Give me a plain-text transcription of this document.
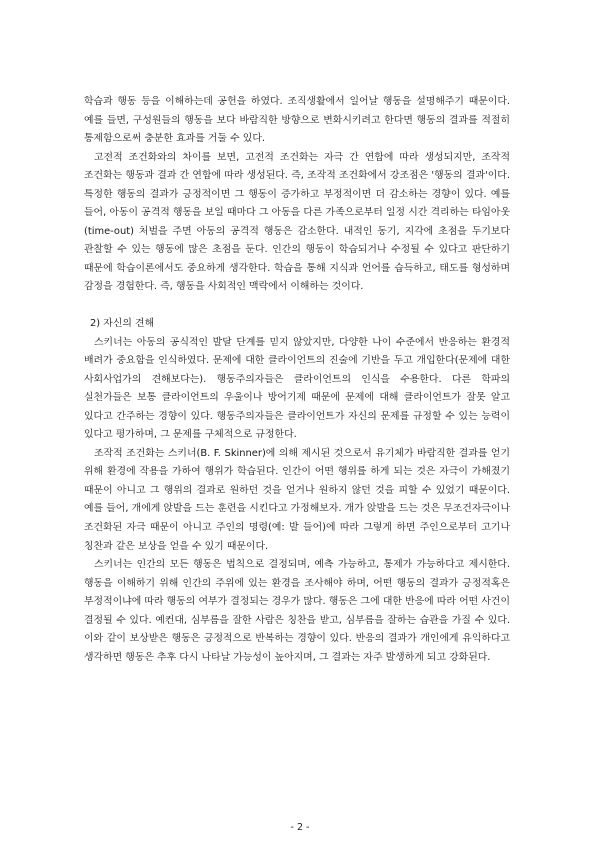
학습과 행동 등을 이해하는데 공헌을 하였다. 조직생활에서 일어날 행동을 설명해주기 때문이다. 예를 들면, 구성원들의 행동을 보다 바람직한 방향으로 변화시키려고 한다면 행동의 결과를 적절히 통제함으로써 충분한 효과를 거둘 수 있다.

고전적 조건화와의 차이를 보면, 고전적 조건화는 자극 간 연합에 따라 생성되지만, 조작적 조건화는 행동과 결과 간 연합에 따라 생성된다. 즉, 조작적 조건화에서 강조점은 '행동의 결과'이다. 특정한 행동의 결과가 긍정적이면 그 행동이 증가하고 부정적이면 더 감소하는 경향이 있다. 예를 들어, 아동이 공격적 행동을 보일 때마다 그 아동을 다른 가족으로부터 일정 시간 격리하는 타임아웃(time-out) 처벌을 주면 아동의 공격적 행동은 감소한다. 내적인 동기, 지각에 초점을 두기보다 관찰할 수 있는 행동에 많은 초점을 둔다. 인간의 행동이 학습되거나 수정될 수 있다고 판단하기 때문에 학습이론에서도 중요하게 생각한다. 학습을 통해 지식과 언어를 습득하고, 태도를 형성하며 감정을 경험한다. 즉, 행동을 사회적인 맥락에서 이해하는 것이다.

2) 자신의 견해

스키너는 아동의 공식적인 발달 단계를 믿지 않았지만, 다양한 나이 수준에서 반응하는 환경적 배려가 중요함을 인식하였다. 문제에 대한 클라이언트의 진술에 기반을 두고 개입한다(문제에 대한 사회사업가의 견해보다는). 행동주의자들은 클라이언트의 인식을 수용한다. 다른 학파의 실천가들은 보통 클라이언트의 우울이나 방어기제 때문에 문제에 대해 클라이언트가 잘못 알고 있다고 간주하는 경향이 있다. 행동주의자들은 클라이언트가 자신의 문제를 규정할 수 있는 능력이 있다고 평가하며, 그 문제를 구체적으로 규정한다.

조작적 조건화는 스키너(B. F. Skinner)에 의해 제시된 것으로서 유기체가 바람직한 결과를 얻기 위해 환경에 작용을 가하여 행위가 학습된다. 인간이 어떤 행위를 하게 되는 것은 자극이 가해졌기 때문이 아니고 그 행위의 결과로 원하던 것을 얻거나 원하지 않던 것을 피할 수 있었기 때문이다. 예를 들어, 개에게 앉발을 드는 훈련을 시킨다고 가정해보자. 개가 앉발을 드는 것은 무조건자극이나 조건화된 자극 때문이 아니고 주인의 명령(예: 발 들어)에 따라 그렇게 하면 주인으로부터 고기나 칭찬과 같은 보상을 얻을 수 있기 때문이다.

스키너는 인간의 모든 행동은 법칙으로 결정되며, 예측 가능하고, 통제가 가능하다고 제시한다. 행동을 이해하기 위해 인간의 주위에 있는 환경을 조사해야 하며, 어떤 행동의 결과가 긍정적혹은 부정적이냐에 따라 행동의 여부가 결정되는 경우가 많다. 행동은 그에 대한 반응에 따라 어떤 사건이 결정될 수 있다. 예컨대, 심부름을 잘한 사람은 칭찬을 받고, 심부름을 잘하는 습관을 가질 수 있다. 이와 같이 보상받은 행동은 긍정적으로 반복하는 경향이 있다. 반응의 결과가 개인에게 유익하다고 생각하면 행동은 추후 다시 나타날 가능성이 높아지며, 그 결과는 자주 발생하게 되고 강화된다.

- 2 -
